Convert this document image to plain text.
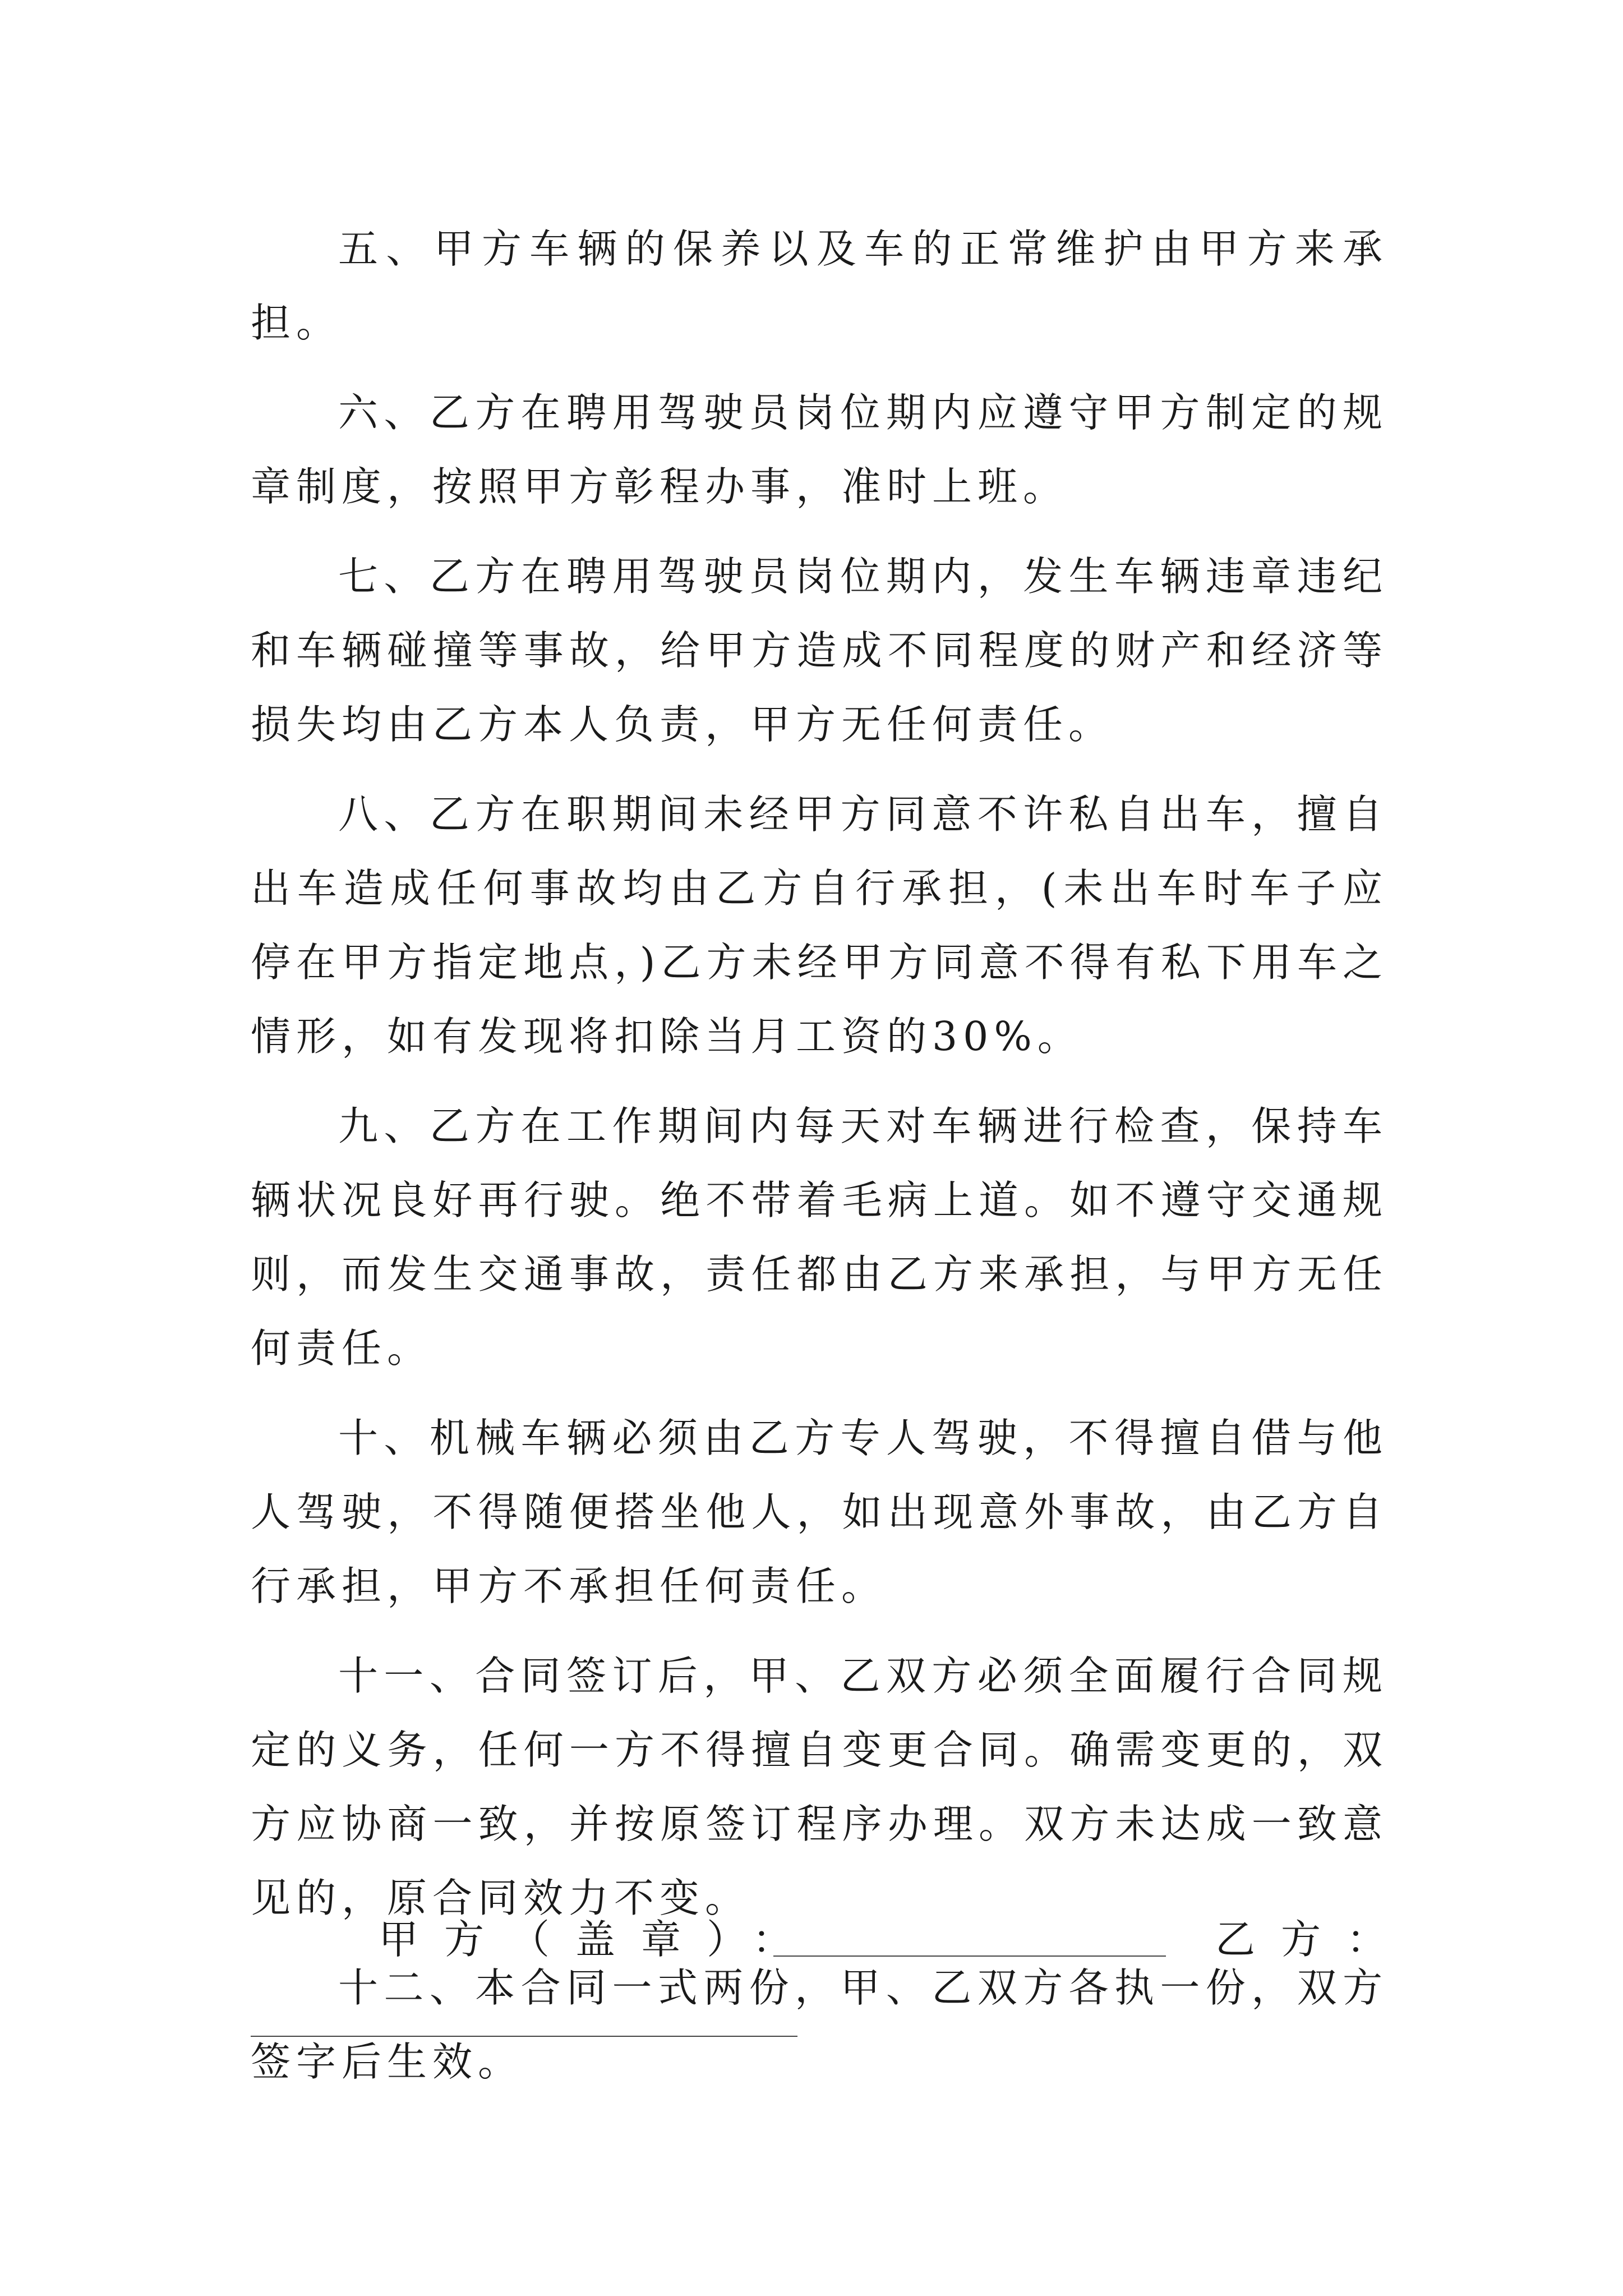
五、甲方车辆的保养以及车的正常维护由甲方来承担。

六、乙方在聘用驾驶员岗位期内应遵守甲方制定的规章制度，按照甲方彰程办事，准时上班。

七、乙方在聘用驾驶员岗位期内，发生车辆违章违纪和车辆碰撞等事故，给甲方造成不同程度的财产和经济等损失均由乙方本人负责，甲方无任何责任。

八、乙方在职期间未经甲方同意不许私自出车，擅自出车造成任何事故均由乙方自行承担，(未出车时车子应停在甲方指定地点，)乙方未经甲方同意不得有私下用车之情形，如有发现将扣除当月工资的30%。

九、乙方在工作期间内每天对车辆进行检查，保持车辆状况良好再行驶。绝不带着毛病上道。如不遵守交通规则，而发生交通事故，责任都由乙方来承担，与甲方无任何责任。

十、机械车辆必须由乙方专人驾驶，不得擅自借与他人驾驶，不得随便搭坐他人，如出现意外事故，由乙方自行承担，甲方不承担任何责任。

十一、合同签订后，甲、乙双方必须全面履行合同规定的义务，任何一方不得擅自变更合同。确需变更的，双方应协商一致，并按原签订程序办理。双方未达成一致意见的，原合同效力不变。

十二、本合同一式两份，甲、乙双方各执一份，双方签字后生效。

甲方（盖章）：	乙方：
